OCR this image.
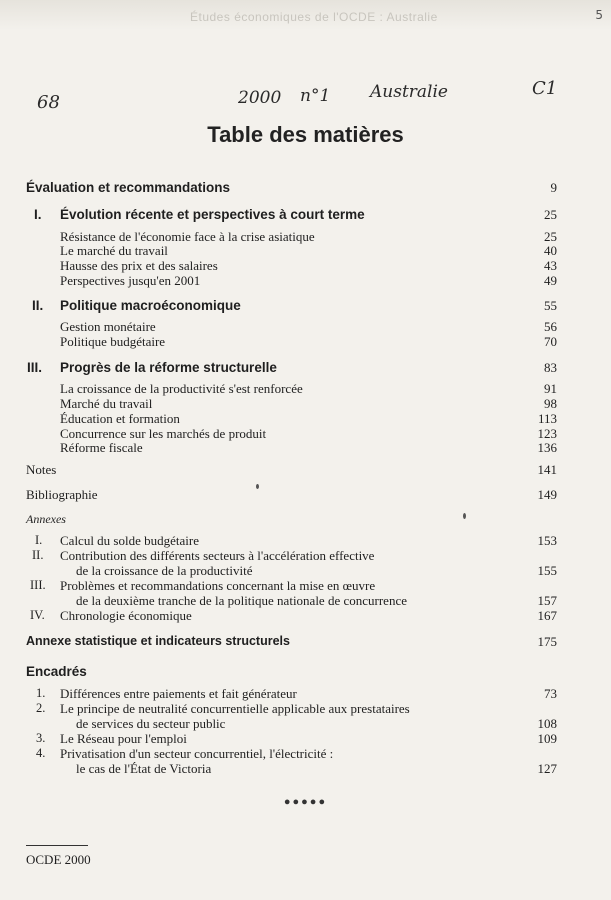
Études économiques de l'OCDE : Australie	5
68	2000 n°1 Australie	C1
Table des matières
Évaluation et recommandations	9
I. Évolution récente et perspectives à court terme	25
Résistance de l'économie face à la crise asiatique	25
Le marché du travail	40
Hausse des prix et des salaires	43
Perspectives jusqu'en 2001	49
II. Politique macroéconomique	55
Gestion monétaire	56
Politique budgétaire	70
III. Progrès de la réforme structurelle	83
La croissance de la productivité s'est renforcée	91
Marché du travail	98
Éducation et formation	113
Concurrence sur les marchés de produit	123
Réforme fiscale	136
Notes	141
Bibliographie	149
Annexes
I. Calcul du solde budgétaire	153
II. Contribution des différents secteurs à l'accélération effective
de la croissance de la productivité	155
III. Problèmes et recommandations concernant la mise en œuvre
de la deuxième tranche de la politique nationale de concurrence	157
IV. Chronologie économique	167
Annexe statistique et indicateurs structurels	175
Encadrés
1. Différences entre paiements et fait générateur	73
2. Le principe de neutralité concurrentielle applicable aux prestataires
de services du secteur public	108
3. Le Réseau pour l'emploi	109
4. Privatisation d'un secteur concurrentiel, l'électricité :
le cas de l'État de Victoria	127
●●●●●
OCDE 2000
